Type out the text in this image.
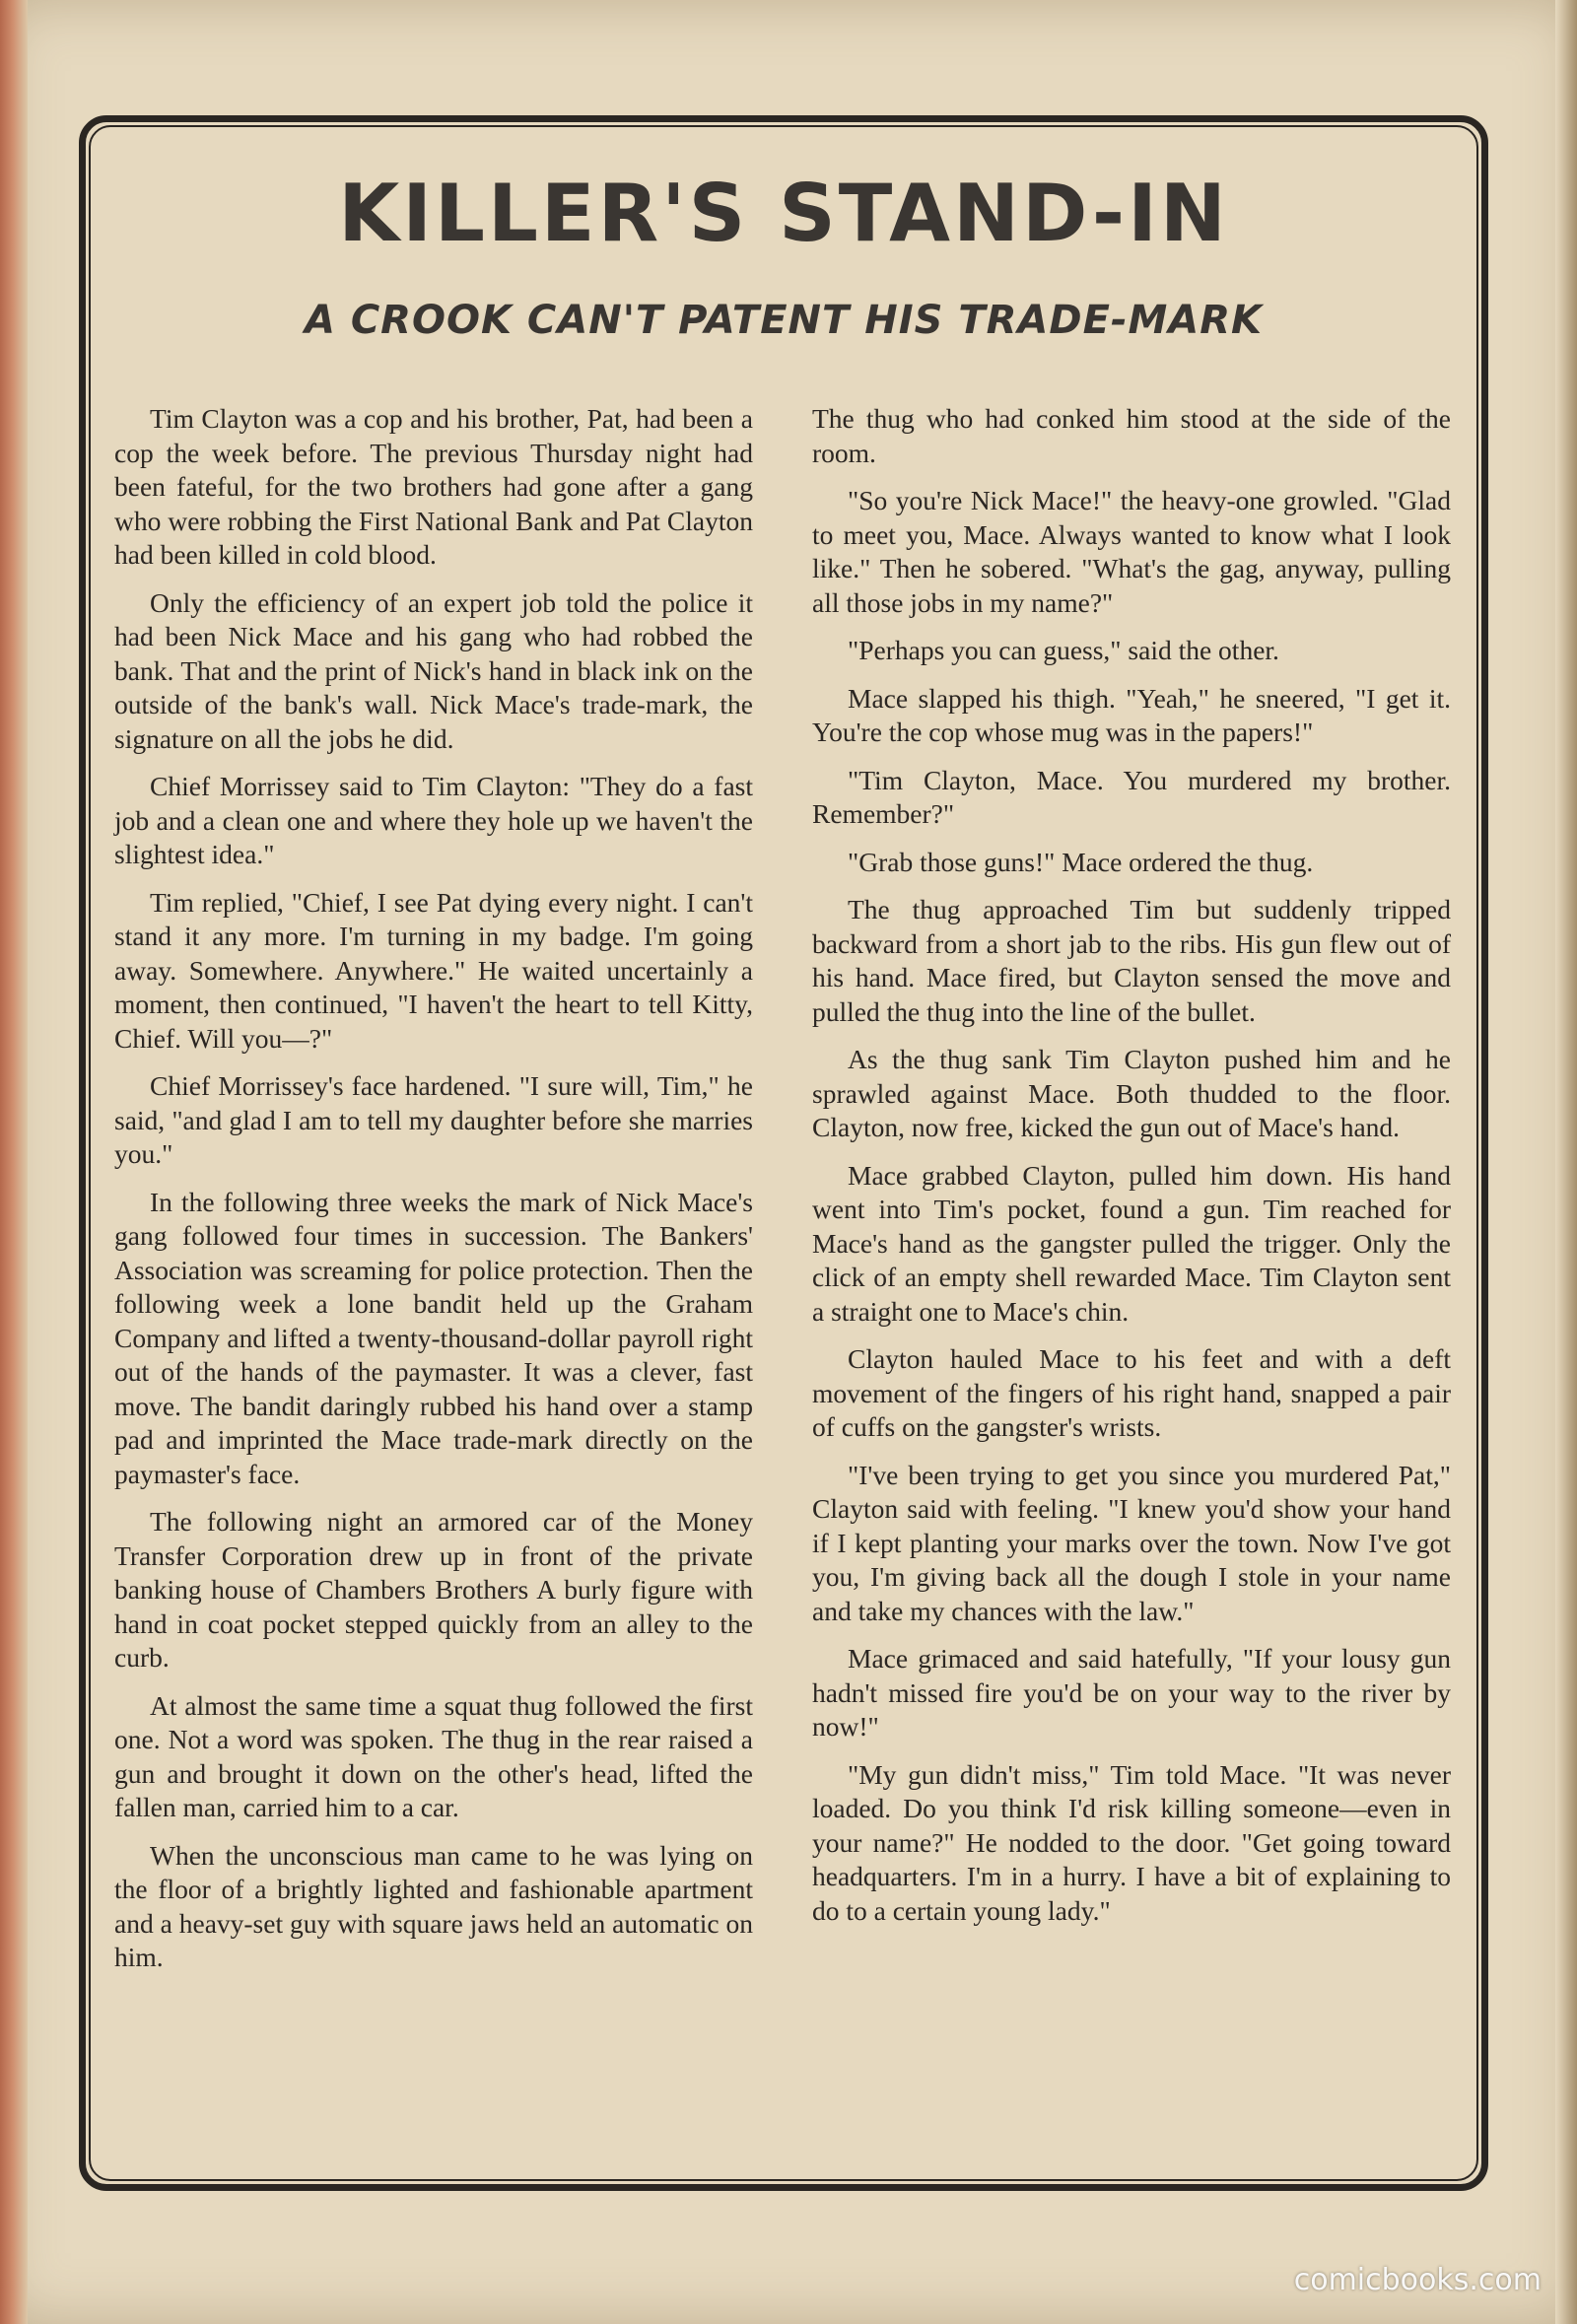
KILLER'S STAND-IN
A CROOK CAN'T PATENT HIS TRADE-MARK

Tim Clayton was a cop and his brother, Pat, had been a cop the week before. The previous Thursday night had been fateful, for the two brothers had gone after a gang who were robbing the First National Bank and Pat Clayton had been killed in cold blood.

Only the efficiency of an expert job told the police it had been Nick Mace and his gang who had robbed the bank. That and the print of Nick's hand in black ink on the outside of the bank's wall. Nick Mace's trade-mark, the signature on all the jobs he did.

Chief Morrissey said to Tim Clayton: "They do a fast job and a clean one and where they hole up we haven't the slightest idea."

Tim replied, "Chief, I see Pat dying every night. I can't stand it any more. I'm turning in my badge. I'm going away. Somewhere. Anywhere." He waited uncertainly a moment, then continued, "I haven't the heart to tell Kitty, Chief. Will you—?"

Chief Morrissey's face hardened. "I sure will, Tim," he said, "and glad I am to tell my daughter before she marries you."

In the following three weeks the mark of Nick Mace's gang followed four times in succession. The Bankers' Association was screaming for police protection. Then the following week a lone bandit held up the Graham Company and lifted a twenty-thousand-dollar payroll right out of the hands of the paymaster. It was a clever, fast move. The bandit daringly rubbed his hand over a stamp pad and imprinted the Mace trade-mark directly on the paymaster's face.

The following night an armored car of the Money Transfer Corporation drew up in front of the private banking house of Chambers Brothers A burly figure with hand in coat pocket stepped quickly from an alley to the curb.

At almost the same time a squat thug followed the first one. Not a word was spoken. The thug in the rear raised a gun and brought it down on the other's head, lifted the fallen man, carried him to a car.

When the unconscious man came to he was lying on the floor of a brightly lighted and fashionable apartment and a heavy-set guy with square jaws held an automatic on him.

The thug who had conked him stood at the side of the room.

"So you're Nick Mace!" the heavy-one growled. "Glad to meet you, Mace. Always wanted to know what I look like." Then he sobered. "What's the gag, anyway, pulling all those jobs in my name?"

"Perhaps you can guess," said the other.

Mace slapped his thigh. "Yeah," he sneered, "I get it. You're the cop whose mug was in the papers!"

"Tim Clayton, Mace. You murdered my brother. Remember?"

"Grab those guns!" Mace ordered the thug.

The thug approached Tim but suddenly tripped backward from a short jab to the ribs. His gun flew out of his hand. Mace fired, but Clayton sensed the move and pulled the thug into the line of the bullet.

As the thug sank Tim Clayton pushed him and he sprawled against Mace. Both thudded to the floor. Clayton, now free, kicked the gun out of Mace's hand.

Mace grabbed Clayton, pulled him down. His hand went into Tim's pocket, found a gun. Tim reached for Mace's hand as the gangster pulled the trigger. Only the click of an empty shell rewarded Mace. Tim Clayton sent a straight one to Mace's chin.

Clayton hauled Mace to his feet and with a deft movement of the fingers of his right hand, snapped a pair of cuffs on the gangster's wrists.

"I've been trying to get you since you murdered Pat," Clayton said with feeling. "I knew you'd show your hand if I kept planting your marks over the town. Now I've got you, I'm giving back all the dough I stole in your name and take my chances with the law."

Mace grimaced and said hatefully, "If your lousy gun hadn't missed fire you'd be on your way to the river by now!"

"My gun didn't miss," Tim told Mace. "It was never loaded. Do you think I'd risk killing someone—even in your name?" He nodded to the door. "Get going toward headquarters. I'm in a hurry. I have a bit of explaining to do to a certain young lady."

comicbooks.com
